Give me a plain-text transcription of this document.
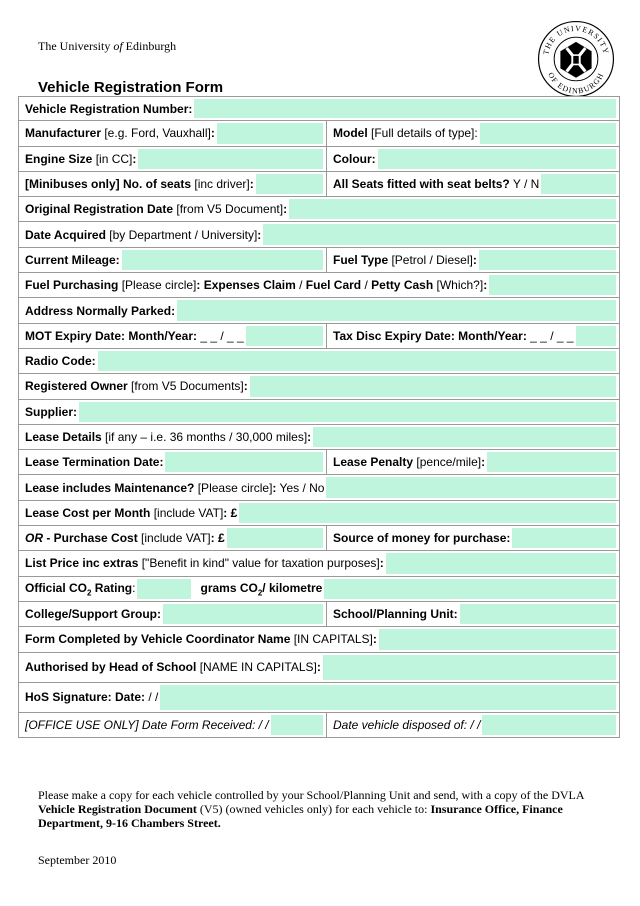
The University of Edinburgh	THE UNIVERSITY
OF EDINBURGH
Vehicle Registration Form
Vehicle Registration Number:
Manufacturer [e.g. Ford, Vauxhall]:	Model [Full details of type]:
Engine Size [in CC]:	Colour:
[Minibuses only] No. of seats [inc driver]:	All Seats fitted with seat belts? Y / N
Original Registration Date [from V5 Document]:
Date Acquired [by Department / University]:
Current Mileage:	Fuel Type [Petrol / Diesel]:
Fuel Purchasing [Please circle]: Expenses Claim / Fuel Card / Petty Cash [Which?]:
Address Normally Parked:
MOT Expiry Date: Month/Year: _ _ / _ _	Tax Disc Expiry Date: Month/Year: _ _ / _ _
Radio Code:
Registered Owner [from V5 Documents]:
Supplier:
Lease Details [if any – i.e. 36 months / 30,000 miles]:
Lease Termination Date:	Lease Penalty [pence/mile]:
Lease includes Maintenance? [Please circle]: Yes / No
Lease Cost per Month [include VAT]: £
OR - Purchase Cost [include VAT]: £	Source of money for purchase:
List Price inc extras ["Benefit in kind" value for taxation purposes]:
Official $CO_2$ Rating:	grams $CO_2/$ kilometre
College/Support Group:	School/Planning Unit:
Form Completed by Vehicle Coordinator Name [IN CAPITALS]:
Authorised by Head of School [NAME IN CAPITALS]:
HoS Signature: Date: / /
[OFFICE USE ONLY] Date Form Received: / /	Date vehicle disposed of: / /
Please make a copy for each vehicle controlled by your School/Planning Unit and send, with a copy of the DVLA Vehicle Registration Document (V5) (owned vehicles only) for each vehicle to: Insurance Office, Finance Department, 9-16 Chambers Street.
September 2010
